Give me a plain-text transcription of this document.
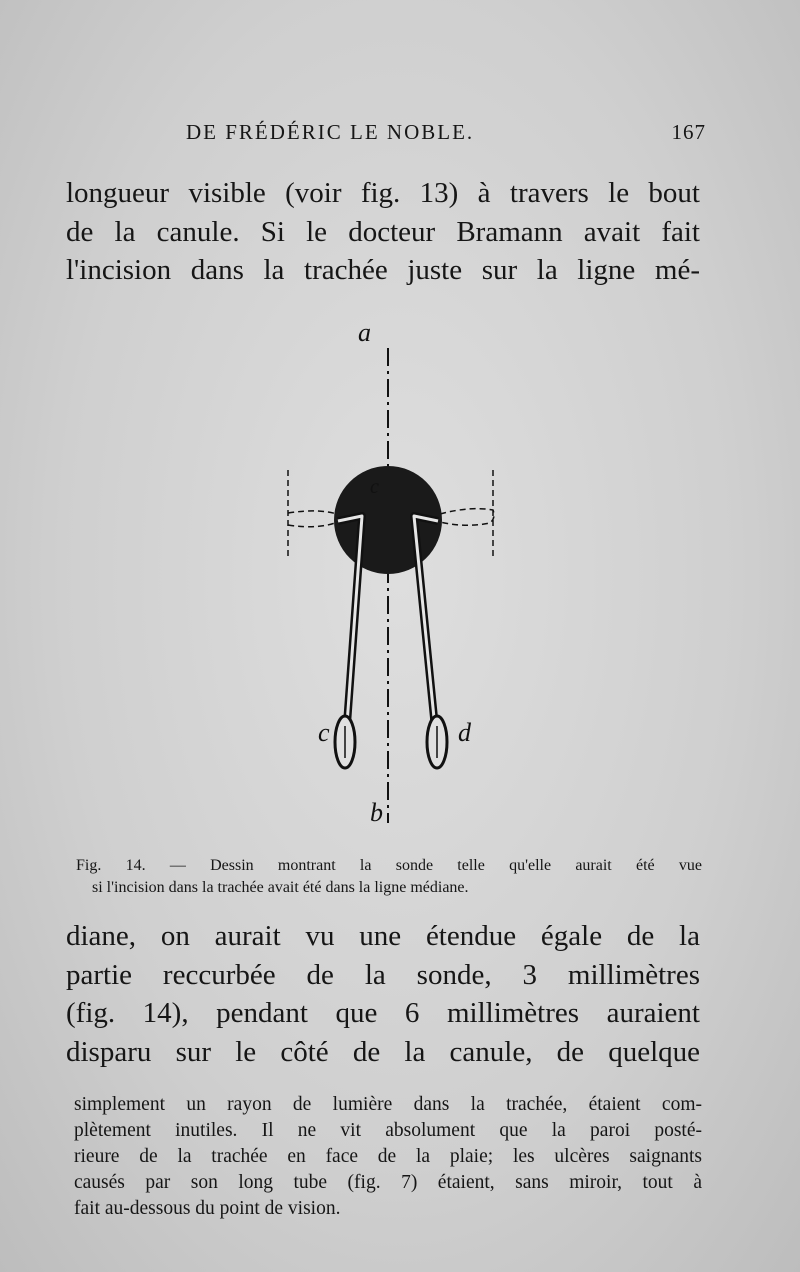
DE FRÉDÉRIC LE NOBLE.	167

longueur visible (voir fig. 13) à travers le bout
de la canule. Si le docteur Bramann avait fait
l'incision dans la trachée juste sur la ligne mé-

a
c
c	d
b
Fig. 14. — Dessin montrant la sonde telle qu'elle aurait été vue
si l'incision dans la trachée avait été dans la ligne médiane.

diane, on aurait vu une étendue égale de la
partie reccurbée de la sonde, 3 millimètres
(fig. 14), pendant que 6 millimètres auraient
disparu sur le côté de la canule, de quelque

simplement un rayon de lumière dans la trachée, étaient com-
plètement inutiles. Il ne vit absolument que la paroi posté-
rieure de la trachée en face de la plaie; les ulcères saignants
causés par son long tube (fig. 7) étaient, sans miroir, tout à
fait au-dessous du point de vision.
